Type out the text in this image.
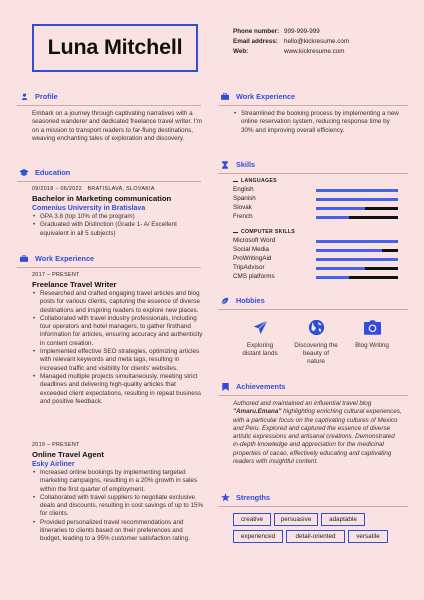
Luna Mitchell
Phone number: 999-999-999
Email address: hello@kickresume.com
Web:	www.kickresume.com
Profile
Embark on a journey through captivating narratives with a seasoned wanderer and dedicated freelance travel writer. I'm on a mission to transport readers to far-flung destinations, weaving enchanting tales of exploration and discovery.
Education
09/2018 – 06/2022 BRATISLAVA, SLOVAKIA
Bachelor in Marketing communication
Comenius University in Bratislava
• GPA 3.8 (top 10% of the program)
• Graduated with Distinction (Grade 1- A/ Excellent equivalent in all 5 subjects)
Work Experience
2017 – PRESENT
Freelance Travel Writer
• Researched and crafted engaging travel articles and blog posts for various clients, capturing the essence of diverse destinations and inspiring readers to explore new places.
• Collaborated with travel industry professionals, including tour operators and hotel managers, to gather firsthand information for articles, ensuring accuracy and authenticity in content creation.
• Implemented effective SEO strategies, optimizing articles with relevant keywords and meta tags, resulting in increased traffic and visibility for clients' websites.
• Managed multiple projects simultaneously, meeting strict deadlines and delivering high-quality articles that exceeded client expectations, resulting in repeat business and positive feedback.
2019 – PRESENT
Online Travel Agent
Esky Airliner
• Increased online bookings by implementing targeted marketing campaigns, resulting in a 20% growth in sales within the first quarter of employment.
• Collaborated with travel suppliers to negotiate exclusive deals and discounts, resulting in cost savings of up to 15% for clients.
• Provided personalized travel recommendations and itineraries to clients based on their preferences and budget, leading to a 95% customer satisfaction rating.
Work Experience
• Streamlined the booking process by implementing a new online reservation system, reducing response time by 30% and improving overall efficiency.
Skills
LANGUAGES
English
Spanish
Slovak
French
COMPUTER SKILLS
Microsoft Word
Social Media
ProWritingAid
TripAdvisor
CMS platforms
Hobbies
Exploring
distant lands
Discovering the
beauty of
nature
Blog Writing
Achievements
Authored and maintained an influential travel blog "Amaru.Emana" highlighting enriching cultural experiences, with a particular focus on the captivating cultures of Mexico and Peru. Explored and captured the essence of diverse artistic expressions and artisanal creations. Demonstrated in-depth knowledge and appreciation for the medicinal properties of cacao, effectively educating and captivating readers with insightful content.
Strengths
creative	persuasive	adaptable
experienced	detail-oriented	versatile
